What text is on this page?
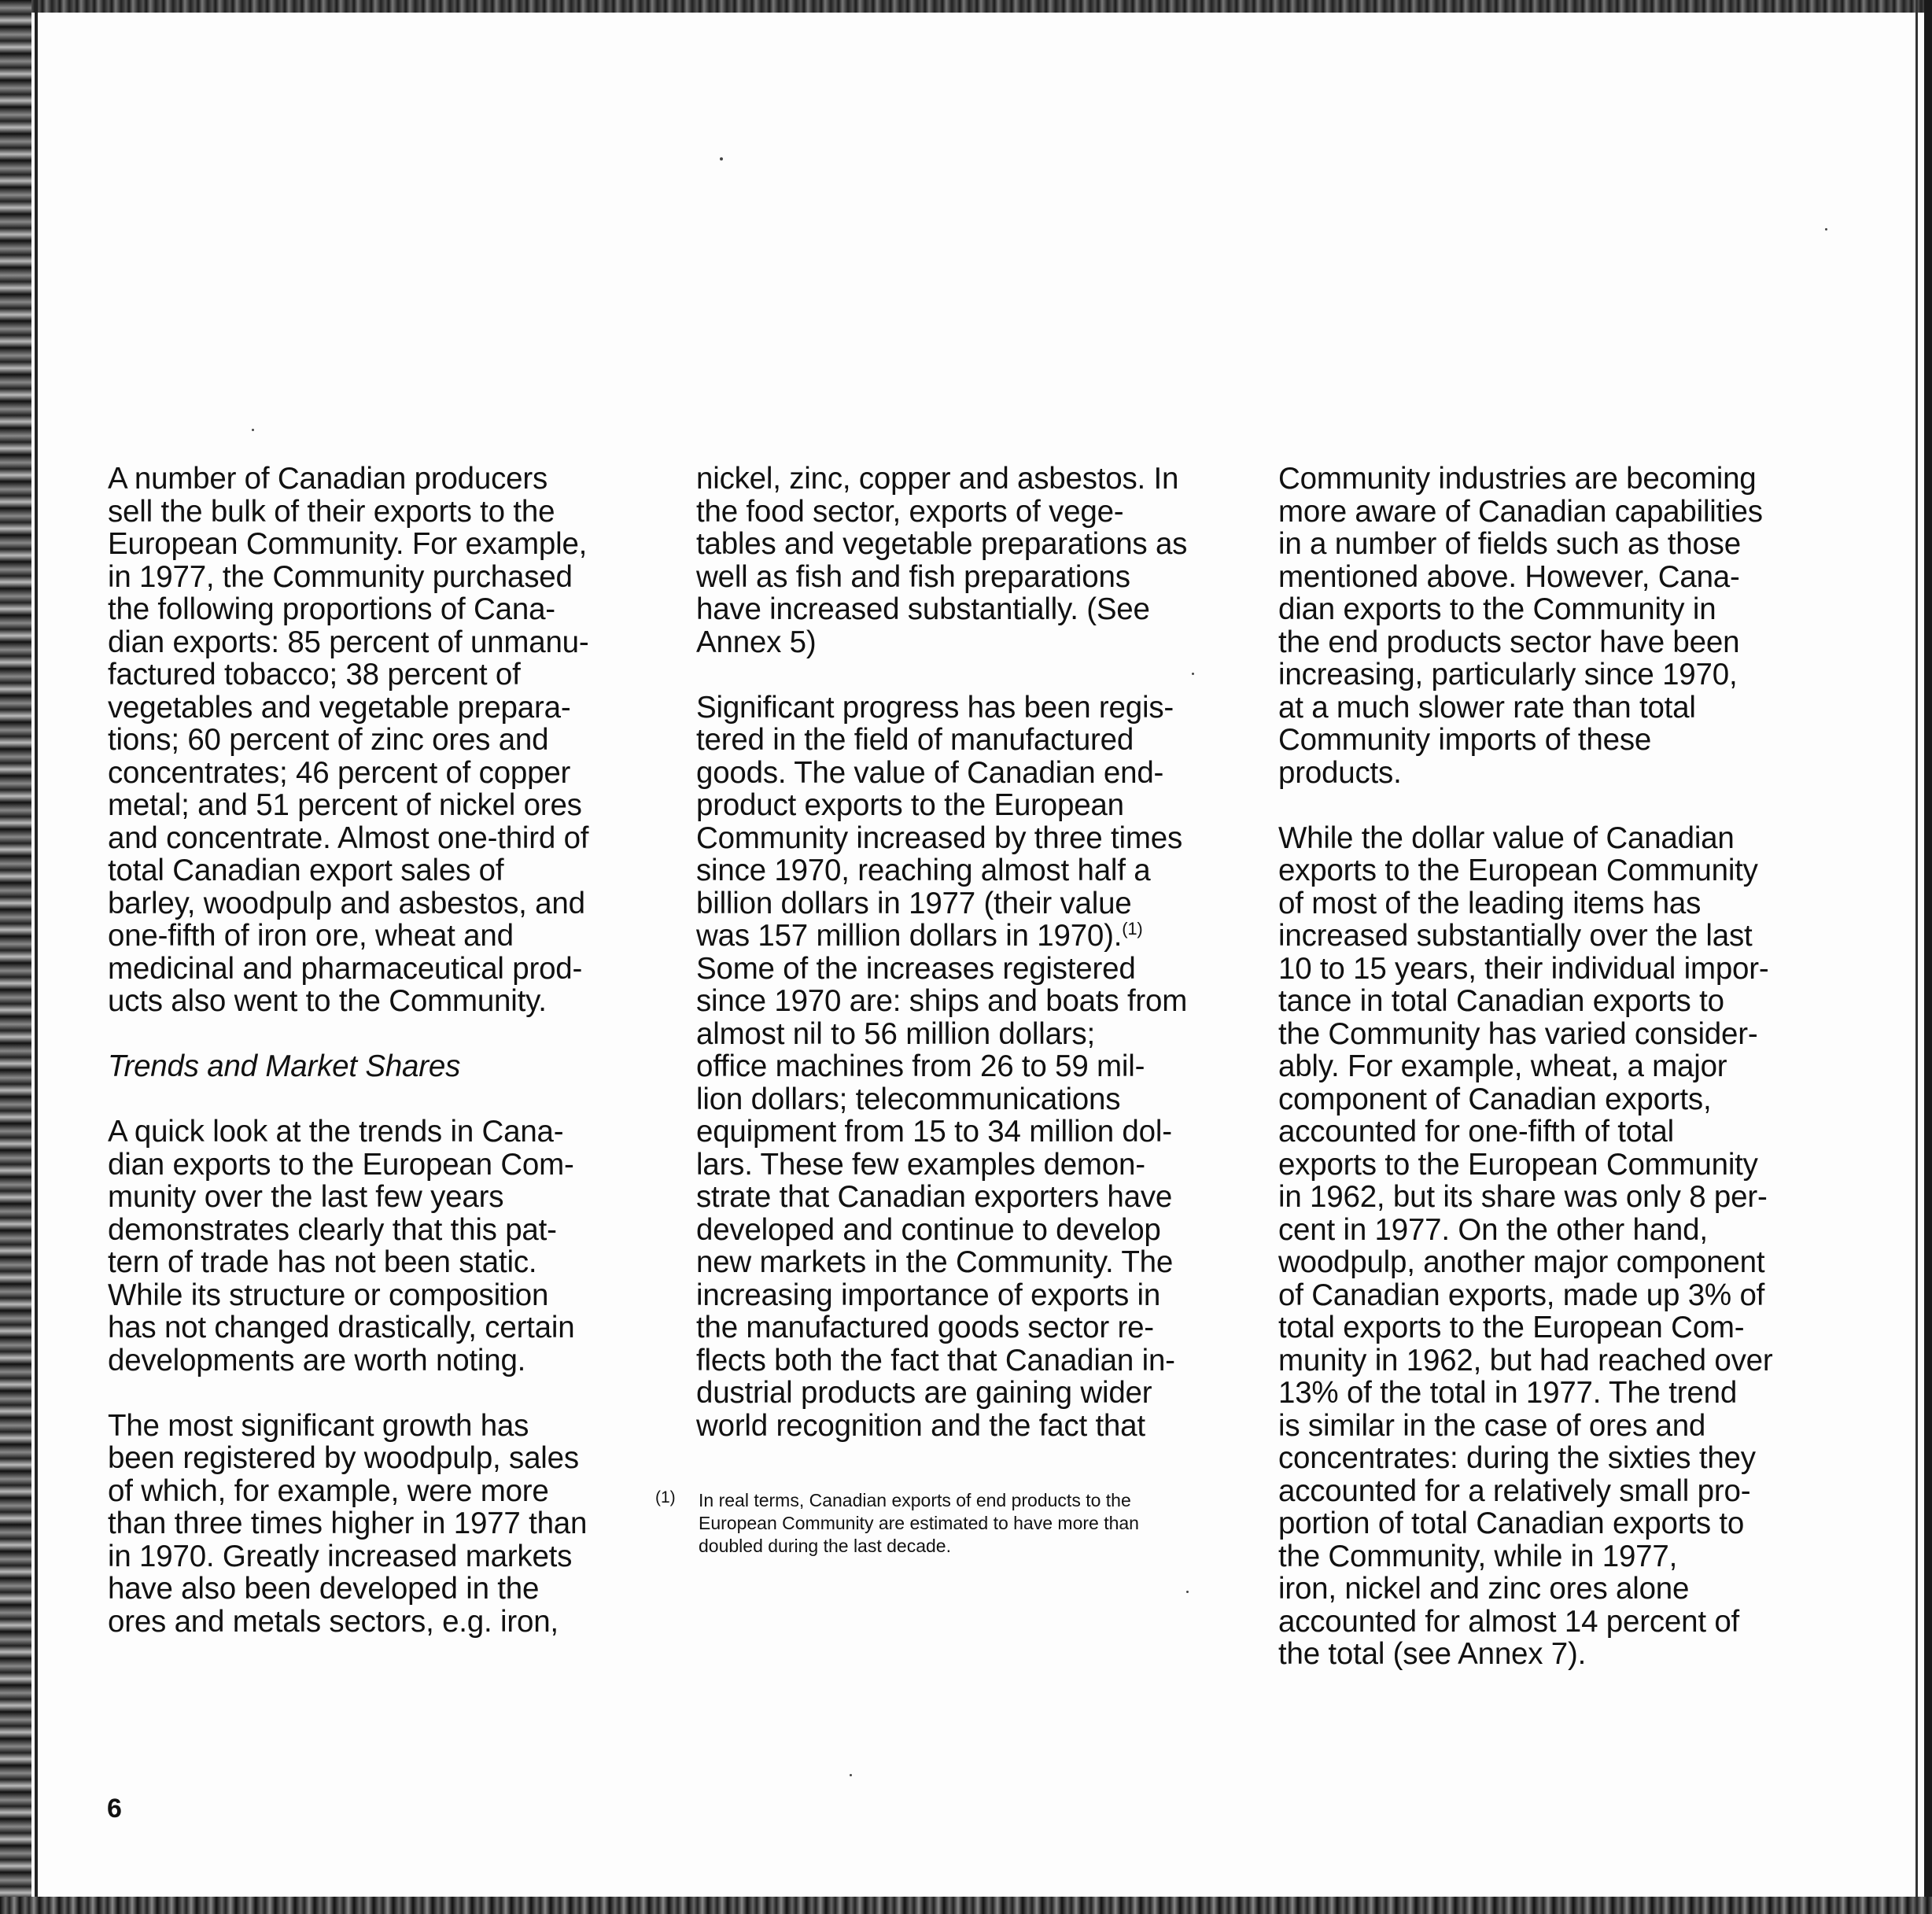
A number of Canadian producers
sell the bulk of their exports to the
European Community. For example,
in 1977, the Community purchased
the following proportions of Cana-
dian exports: 85 percent of unmanu-
factured tobacco; 38 percent of
vegetables and vegetable prepara-
tions; 60 percent of zinc ores and
concentrates; 46 percent of copper
metal; and 51 percent of nickel ores
and concentrate. Almost one-third of
total Canadian export sales of
barley, woodpulp and asbestos, and
one-fifth of iron ore, wheat and
medicinal and pharmaceutical prod-
ucts also went to the Community.

Trends and Market Shares

A quick look at the trends in Cana-
dian exports to the European Com-
munity over the last few years
demonstrates clearly that this pat-
tern of trade has not been static.
While its structure or composition
has not changed drastically, certain
developments are worth noting.

The most significant growth has
been registered by woodpulp, sales
of which, for example, were more
than three times higher in 1977 than
in 1970. Greatly increased markets
have also been developed in the
ores and metals sectors, e.g. iron,

nickel, zinc, copper and asbestos. In
the food sector, exports of vege-
tables and vegetable preparations as
well as fish and fish preparations
have increased substantially. (See
Annex 5)

Significant progress has been regis-
tered in the field of manufactured
goods. The value of Canadian end-
product exports to the European
Community increased by three times
since 1970, reaching almost half a
billion dollars in 1977 (their value
was 157 million dollars in 1970).$^{(1)}$

Some of the increases registered
since 1970 are: ships and boats from
almost nil to 56 million dollars;
office machines from 26 to 59 mil-
lion dollars; telecommunications
equipment from 15 to 34 million dol-
lars. These few examples demon-
strate that Canadian exporters have
developed and continue to develop
new markets in the Community. The
increasing importance of exports in
the manufactured goods sector re-
flects both the fact that Canadian in-
dustrial products are gaining wider
world recognition and the fact that

Community industries are becoming
more aware of Canadian capabilities
in a number of fields such as those
mentioned above. However, Cana-
dian exports to the Community in
the end products sector have been
increasing, particularly since 1970,
at a much slower rate than total
Community imports of these
products.

While the dollar value of Canadian
exports to the European Community
of most of the leading items has
increased substantially over the last
10 to 15 years, their individual impor-
tance in total Canadian exports to
the Community has varied consider-
ably. For example, wheat, a major
component of Canadian exports,
accounted for one-fifth of total
exports to the European Community
in 1962, but its share was only 8 per-
cent in 1977. On the other hand,
woodpulp, another major component
of Canadian exports, made up 3% of
total exports to the European Com-
munity in 1962, but had reached over
13% of the total in 1977. The trend
is similar in the case of ores and
concentrates: during the sixties they
accounted for a relatively small pro-
portion of total Canadian exports to
the Community, while in 1977,
iron, nickel and zinc ores alone
accounted for almost 14 percent of
the total (see Annex 7).

(1) In real terms, Canadian exports of end products to the
European Community are estimated to have more than
doubled during the last decade.
6
